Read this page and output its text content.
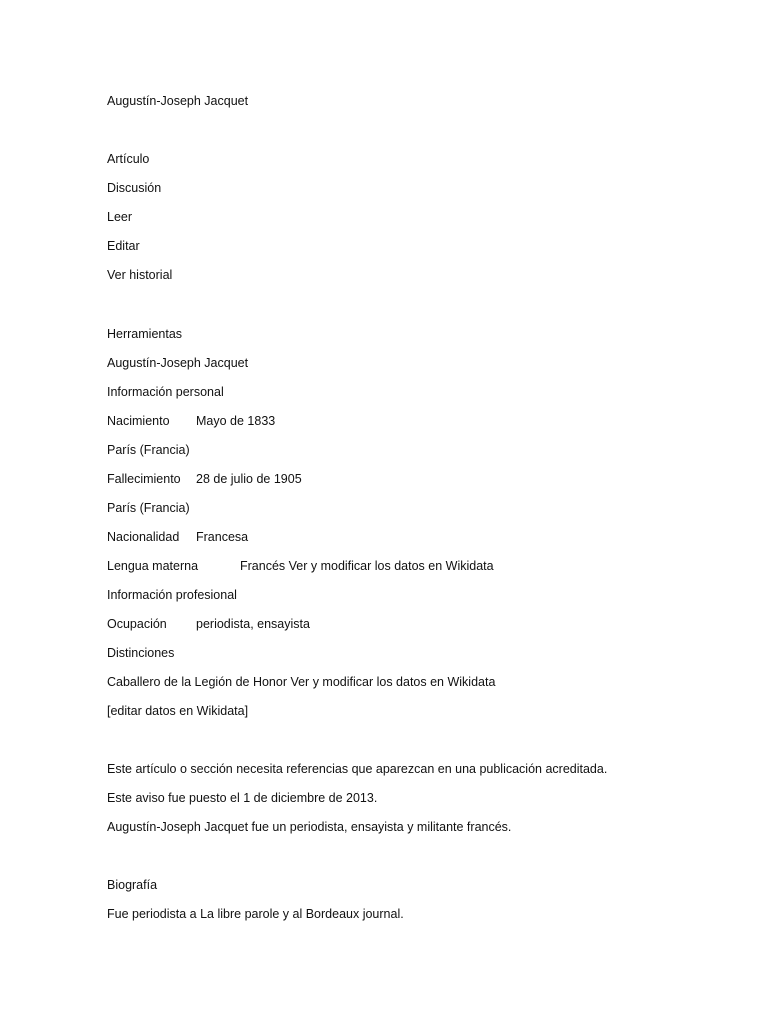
Augustín-Joseph Jacquet
Artículo
Discusión
Leer
Editar
Ver historial
Herramientas
Augustín-Joseph Jacquet
Información personal
Nacimiento Mayo de 1833
París (Francia)
Fallecimiento 28 de julio de 1905
París (Francia)
Nacionalidad Francesa
Lengua materna	Francés Ver y modificar los datos en Wikidata
Información profesional
Ocupación periodista, ensayista
Distinciones
Caballero de la Legión de Honor Ver y modificar los datos en Wikidata
[editar datos en Wikidata]
Este artículo o sección necesita referencias que aparezcan en una publicación acreditada.
Este aviso fue puesto el 1 de diciembre de 2013.
Augustín-Joseph Jacquet fue un periodista, ensayista y militante francés.
Biografía
Fue periodista a La libre parole y al Bordeaux journal.
